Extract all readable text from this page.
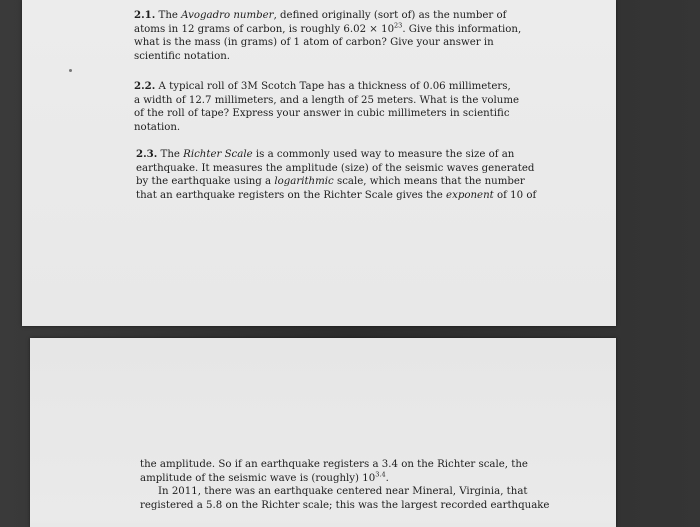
2.1. The Avogadro number, defined originally (sort of) as the number of
atoms in 12 grams of carbon, is roughly $6.02 \times 10^{23}$. Give this information,
what is the mass (in grams) of 1 atom of carbon? Give your answer in
scientific notation.
2.2. A typical roll of 3M Scotch Tape has a thickness of 0.06 millimeters,
a width of 12.7 millimeters, and a length of 25 meters. What is the volume
of the roll of tape? Express your answer in cubic millimeters in scientific
notation.
2.3. The Richter Scale is a commonly used way to measure the size of an
earthquake. It measures the amplitude (size) of the seismic waves generated
by the earthquake using a logarithmic scale, which means that the number
that an earthquake registers on the Richter Scale gives the exponent of 10 of
the amplitude. So if an earthquake registers a 3.4 on the Richter scale, the
amplitude of the seismic wave is (roughly) $10^{3.4}$.
In 2011, there was an earthquake centered near Mineral, Virginia, that
registered a 5.8 on the Richter scale; this was the largest recorded earthquake
